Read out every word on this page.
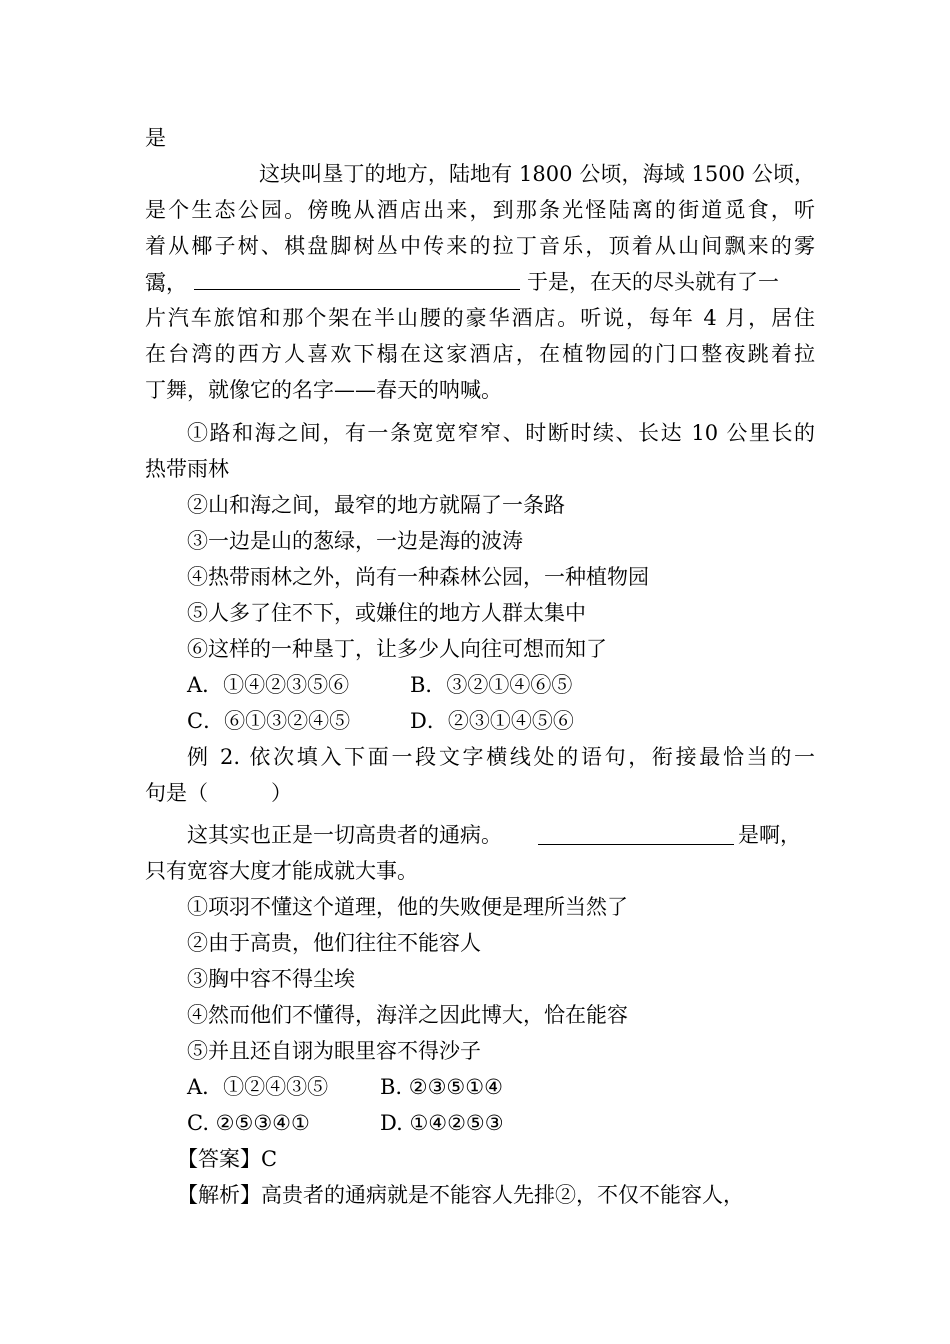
是
这块叫垦丁的地方，陆地有 1800 公顷，海域 1500 公顷，
是个生态公园。傍晚从酒店出来，到那条光怪陆离的街道觅食，听
着从椰子树、棋盘脚树丛中传来的拉丁音乐，顶着从山间飘来的雾
霭，	于是，在天的尽头就有了一
片汽车旅馆和那个架在半山腰的豪华酒店。听说，每年 4 月，居住
在台湾的西方人喜欢下榻在这家酒店，在植物园的门口整夜跳着拉
丁舞，就像它的名字——春天的呐喊。
①路和海之间，有一条宽宽窄窄、时断时续、长达 10 公里长的
热带雨林
②山和海之间，最窄的地方就隔了一条路
③一边是山的葱绿，一边是海的波涛
④热带雨林之外，尚有一种森林公园，一种植物园
⑤人多了住不下，或嫌住的地方人群太集中
⑥这样的一种垦丁，让多少人向往可想而知了
A．①④②③⑤⑥	B．③②①④⑥⑤
C．⑥①③②④⑤	D．②③①④⑤⑥
例 2. 依次填入下面一段文字横线处的语句，衔接最恰当的一
句是（　　　）
这其实也正是一切高贵者的通病。	是啊，
只有宽容大度才能成就大事。
①项羽不懂这个道理，他的失败便是理所当然了
②由于高贵，他们往往不能容人
③胸中容不得尘埃
④然而他们不懂得，海洋之因此博大，恰在能容
⑤并且还自诩为眼里容不得沙子
A．①②④③⑤ B. ②③⑤①④
C. ②⑤③④①	D. ①④②⑤③
【答案】C
【解析】高贵者的通病就是不能容人先排②，不仅不能容人，
